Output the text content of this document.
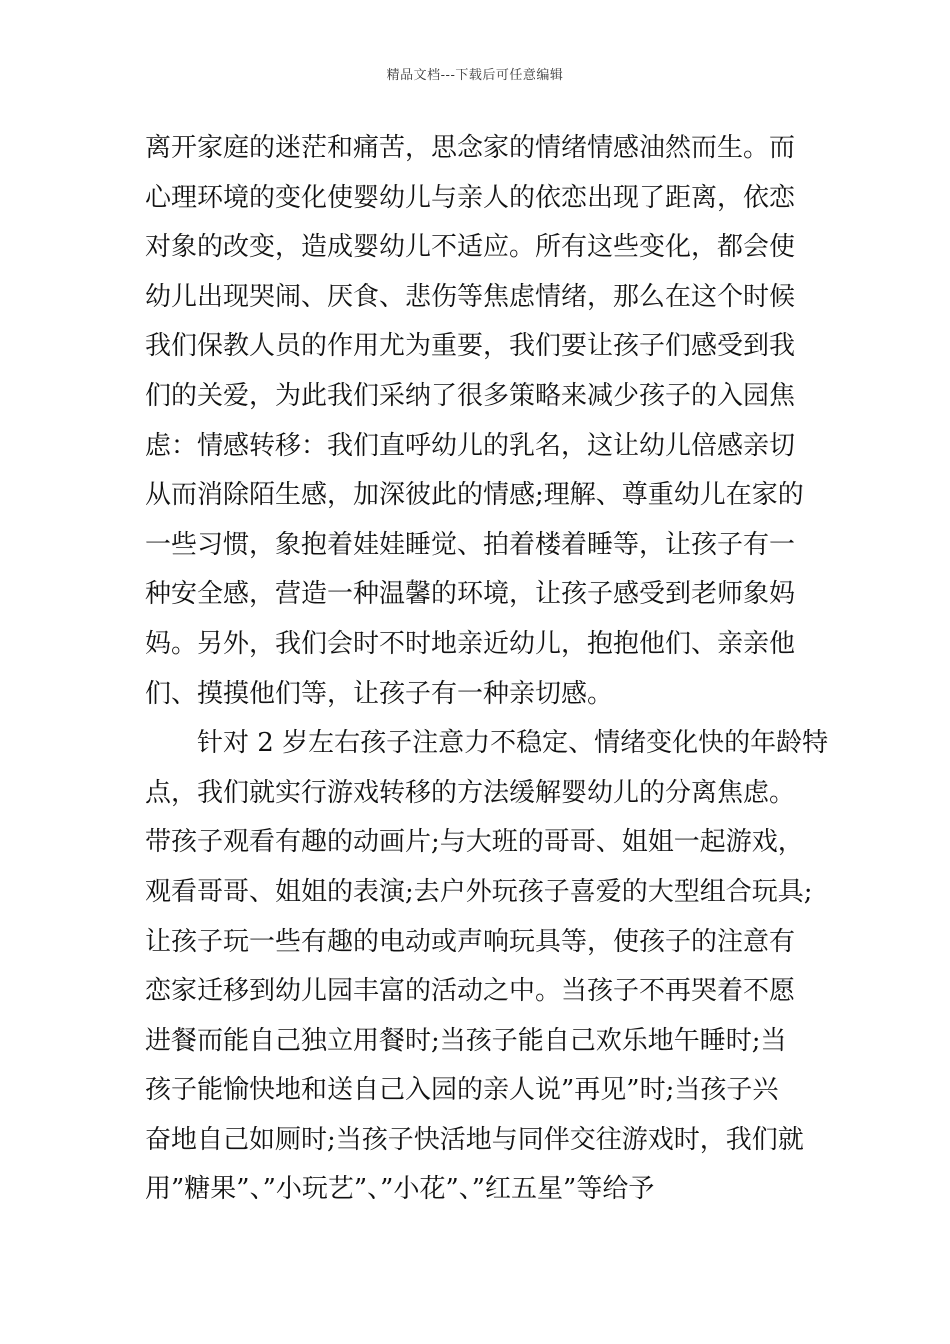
精品文档---下载后可任意编辑
离开家庭的迷茫和痛苦，思念家的情绪情感油然而生。而
心理环境的变化使婴幼儿与亲人的依恋出现了距离，依恋
对象的改变，造成婴幼儿不适应。所有这些变化，都会使
幼儿出现哭闹、厌食、悲伤等焦虑情绪，那么在这个时候
我们保教人员的作用尤为重要，我们要让孩子们感受到我
们的关爱，为此我们采纳了很多策略来减少孩子的入园焦
虑：情感转移：我们直呼幼儿的乳名，这让幼儿倍感亲切
从而消除陌生感，加深彼此的情感;理解、尊重幼儿在家的
一些习惯，象抱着娃娃睡觉、拍着楼着睡等，让孩子有一
种安全感，营造一种温馨的环境，让孩子感受到老师象妈
妈。另外，我们会时不时地亲近幼儿，抱抱他们、亲亲他
们、摸摸他们等，让孩子有一种亲切感。
针对 2 岁左右孩子注意力不稳定、情绪变化快的年龄特
点，我们就实行游戏转移的方法缓解婴幼儿的分离焦虑。
带孩子观看有趣的动画片;与大班的哥哥、姐姐一起游戏，
观看哥哥、姐姐的表演;去户外玩孩子喜爱的大型组合玩具;
让孩子玩一些有趣的电动或声响玩具等，使孩子的注意有
恋家迁移到幼儿园丰富的活动之中。当孩子不再哭着不愿
进餐而能自己独立用餐时;当孩子能自己欢乐地午睡时;当
孩子能愉快地和送自己入园的亲人说”再见”时;当孩子兴
奋地自己如厕时;当孩子快活地与同伴交往游戏时，我们就
用”糖果”、”小玩艺”、”小花”、”红五星”等给予
